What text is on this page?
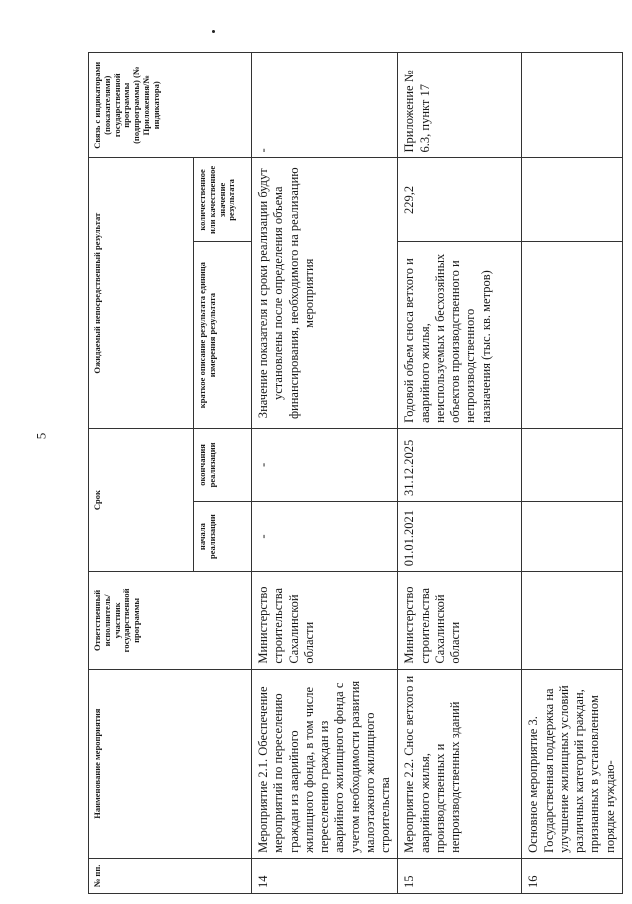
5
№ пп.	Наименование мероприятия	Ответственный исполнитель/участник государственной программы	Срок		Ожидаемый непосредственный результат		Связь с индикаторами (показателями) государственной программы (подпрограммы) (№ Приложения/№ индикатора)
			начала реализации	окончания реализации	краткое описание результата единица измерения результата	количественное или качественное значение результата	
14	Мероприятие 2.1. Обеспечение мероприятий по переселению граждан из аварийного жилищного фонда, в том числе переселению граждан из аварийного жилищного фонда с учетом необходимости развития малоэтажного жилищного строительства	Министерство строительства Сахалинской области	-	-	Значение показателя и сроки реализации будут установлены после определения объема финансирования, необходимого на реализацию мероприятия		-
15	Мероприятие 2.2. Снос ветхого и аварийного жилья, производственных и непроизводственных зданий	Министерство строительства Сахалинской области	01.01.2021	31.12.2025	Годовой объем сноса ветхого и аварийного жилья, неиспользуемых и бесхозяйных объектов производственного и непроизводственного назначения (тыс. кв. метров)	229,2	Приложение № 6.3, пункт 17
16	Основное мероприятие 3. Государственная поддержка на улучшение жилищных условий различных категорий граждан, признанных в установленном порядке нуждаю-						
